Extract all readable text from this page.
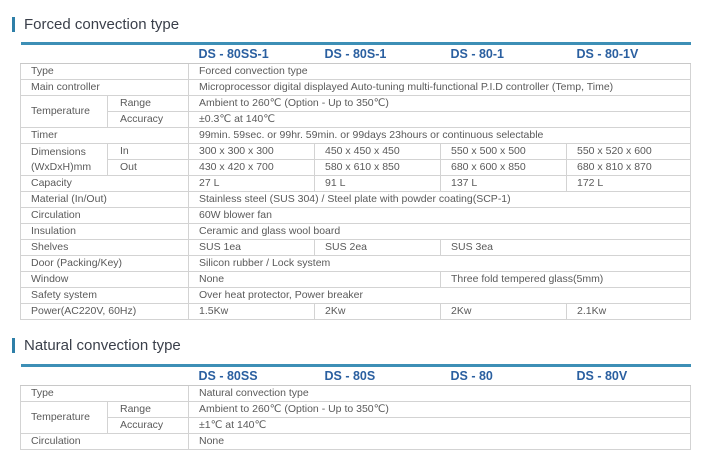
Forced convection type
		DS - 80SS-1	DS - 80S-1	DS - 80-1	DS - 80-1V
Type		Forced convection type			
Main controller		Microprocessor digital displayed Auto-tuning multi-functional P.I.D controller (Temp, Time)			
Temperature	Range	Ambient to 260℃ (Option - Up to 350℃)			
	Accuracy	±0.3℃ at 140℃			
Timer		99min. 59sec. or 99hr. 59min. or 99days 23hours or continuous selectable			

Dimensions
(WxDxH)mm	In	300 x 300 x 300	450 x 450 x 450	550 x 500 x 500	550 x 520 x 600
	Out	430 x 420 x 700	580 x 610 x 850	680 x 600 x 850	680 x 810 x 870
Capacity		27 L	91 L	137 L	172 L
Material (In/Out)		Stainless steel (SUS 304) / Steel plate with powder coating(SCP-1)			
Circulation		60W blower fan			
Insulation		Ceramic and glass wool board			
Shelves		SUS 1ea	SUS 2ea	SUS 3ea	
Door (Packing/Key)		Silicon rubber / Lock system			
Window		None		Three fold tempered glass(5mm)	
Safety system		Over heat protector, Power breaker			
Power(AC220V, 60Hz)		1.5Kw	2Kw	2Kw	2.1Kw
Natural convection type
		DS - 80SS	DS - 80S	DS - 80	DS - 80V
Type		Natural convection type			
Temperature	Range	Ambient to 260℃ (Option - Up to 350℃)			
	Accuracy	±1℃ at 140℃			
Circulation		None			
